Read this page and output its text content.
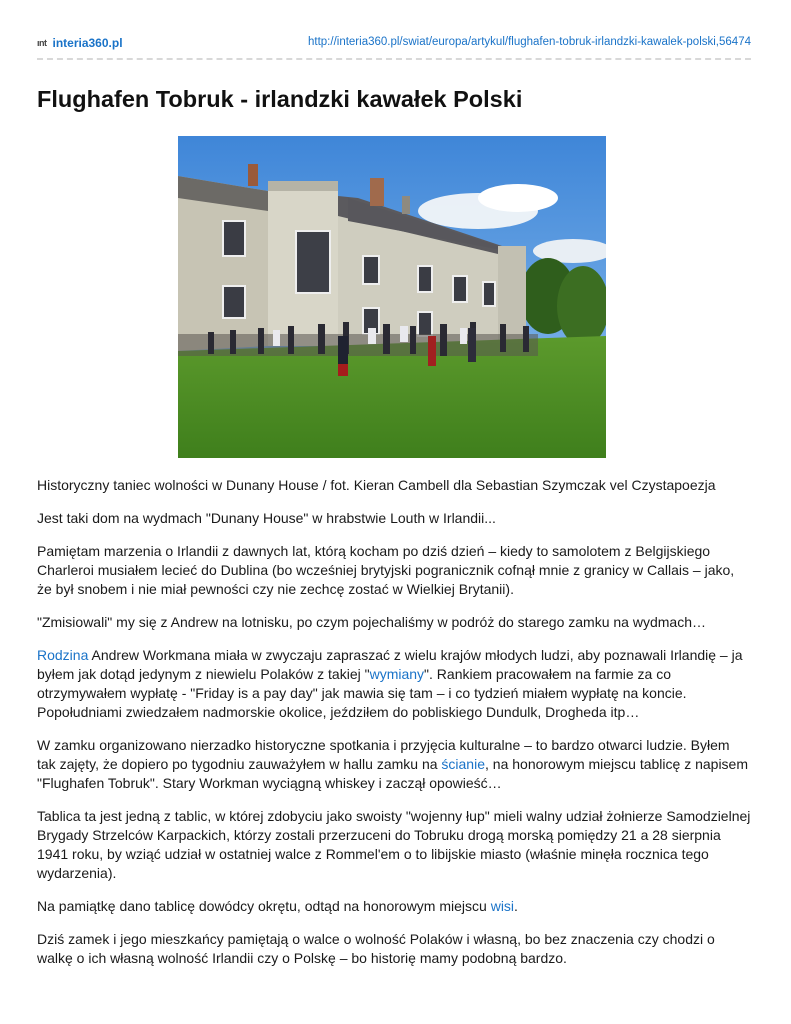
ınt interia360.pl	http://interia360.pl/swiat/europa/artykul/flughafen-tobruk-irlandzki-kawalek-polski,56474
Flughafen Tobruk - irlandzki kawałek Polski

Historyczny taniec wolności w Dunany House / fot. Kieran Cambell dla Sebastian Szymczak vel Czystapoezja

Jest taki dom na wydmach "Dunany House" w hrabstwie Louth w Irlandii...

Pamiętam marzenia o Irlandii z dawnych lat, którą kocham po dziś dzień – kiedy to samolotem z Belgijskiego Charleroi musiałem lecieć do Dublina (bo wcześniej brytyjski pogranicznik cofnął mnie z granicy w Callais – jako, że był snobem i nie miał pewności czy nie zechcę zostać w Wielkiej Brytanii).

"Zmisiowali" my się z Andrew na lotnisku, po czym pojechaliśmy w podróż do starego zamku na wydmach…

Rodzina Andrew Workmana miała w zwyczaju zapraszać z wielu krajów młodych ludzi, aby poznawali Irlandię – ja byłem jak dotąd jedynym z niewielu Polaków z takiej "wymiany". Rankiem pracowałem na farmie za co otrzymywałem wypłatę - "Friday is a pay day" jak mawia się tam – i co tydzień miałem wypłatę na koncie. Popołudniami zwiedzałem nadmorskie okolice, jeździłem do pobliskiego Dundulk, Drogheda itp…

W zamku organizowano nierzadko historyczne spotkania i przyjęcia kulturalne – to bardzo otwarci ludzie. Byłem tak zajęty, że dopiero po tygodniu zauważyłem w hallu zamku na ścianie, na honorowym miejscu tablicę z napisem "Flughafen Tobruk". Stary Workman wyciągną whiskey i zaczął opowieść…

Tablica ta jest jedną z tablic, w której zdobyciu jako swoisty "wojenny łup" mieli walny udział żołnierze Samodzielnej Brygady Strzelców Karpackich, którzy zostali przerzuceni do Tobruku drogą morską pomiędzy 21 a 28 sierpnia 1941 roku, by wziąć udział w ostatniej walce z Rommel'em o to libijskie miasto (właśnie minęła rocznica tego wydarzenia).

Na pamiątkę dano tablicę dowódcy okrętu, odtąd na honorowym miejscu wisi.

Dziś zamek i jego mieszkańcy pamiętają o walce o wolność Polaków i własną, bo bez znaczenia czy chodzi o walkę o ich własną wolność Irlandii czy o Polskę – bo historię mamy podobną bardzo.
